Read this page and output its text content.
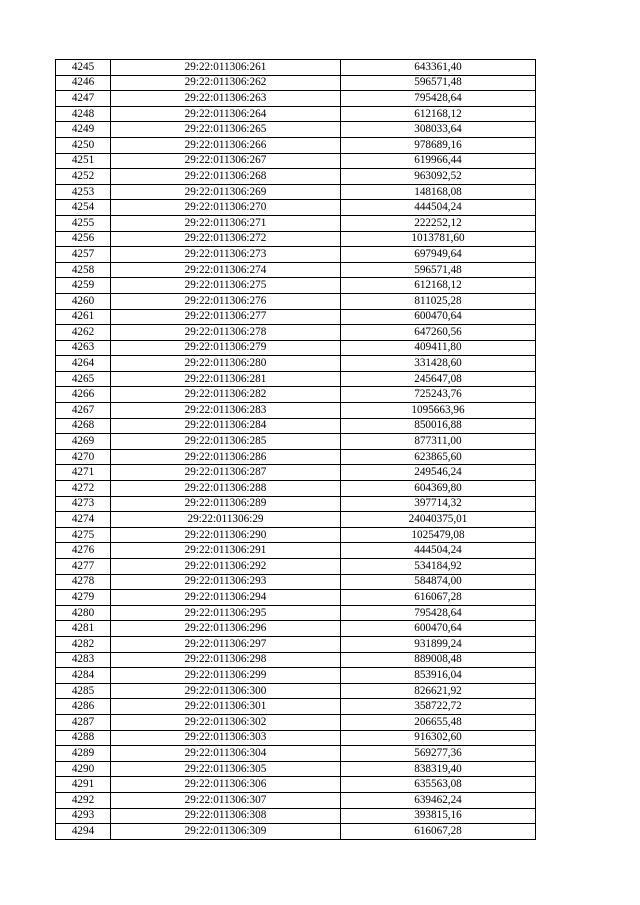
4245	29:22:011306:261	643361,40
4246	29:22:011306:262	596571,48
4247	29:22:011306:263	795428,64
4248	29:22:011306:264	612168,12
4249	29:22:011306:265	308033,64
4250	29:22:011306:266	978689,16
4251	29:22:011306:267	619966,44
4252	29:22:011306:268	963092,52
4253	29:22:011306:269	148168,08
4254	29:22:011306:270	444504,24
4255	29:22:011306:271	222252,12
4256	29:22:011306:272	1013781,60
4257	29:22:011306:273	697949,64
4258	29:22:011306:274	596571,48
4259	29:22:011306:275	612168,12
4260	29:22:011306:276	811025,28
4261	29:22:011306:277	600470,64
4262	29:22:011306:278	647260,56
4263	29:22:011306:279	409411,80
4264	29:22:011306:280	331428,60
4265	29:22:011306:281	245647,08
4266	29:22:011306:282	725243,76
4267	29:22:011306:283	1095663,96
4268	29:22:011306:284	850016,88
4269	29:22:011306:285	877311,00
4270	29:22:011306:286	623865,60
4271	29:22:011306:287	249546,24
4272	29:22:011306:288	604369,80
4273	29:22:011306:289	397714,32
4274	29:22:011306:29	24040375,01
4275	29:22:011306:290	1025479,08
4276	29:22:011306:291	444504,24
4277	29:22:011306:292	534184,92
4278	29:22:011306:293	584874,00
4279	29:22:011306:294	616067,28
4280	29:22:011306:295	795428,64
4281	29:22:011306:296	600470,64
4282	29:22:011306:297	931899,24
4283	29:22:011306:298	889008,48
4284	29:22:011306:299	853916,04
4285	29:22:011306:300	826621,92
4286	29:22:011306:301	358722,72
4287	29:22:011306:302	206655,48
4288	29:22:011306:303	916302,60
4289	29:22:011306:304	569277,36
4290	29:22:011306:305	838319,40
4291	29:22:011306:306	635563,08
4292	29:22:011306:307	639462,24
4293	29:22:011306:308	393815,16
4294	29:22:011306:309	616067,28
